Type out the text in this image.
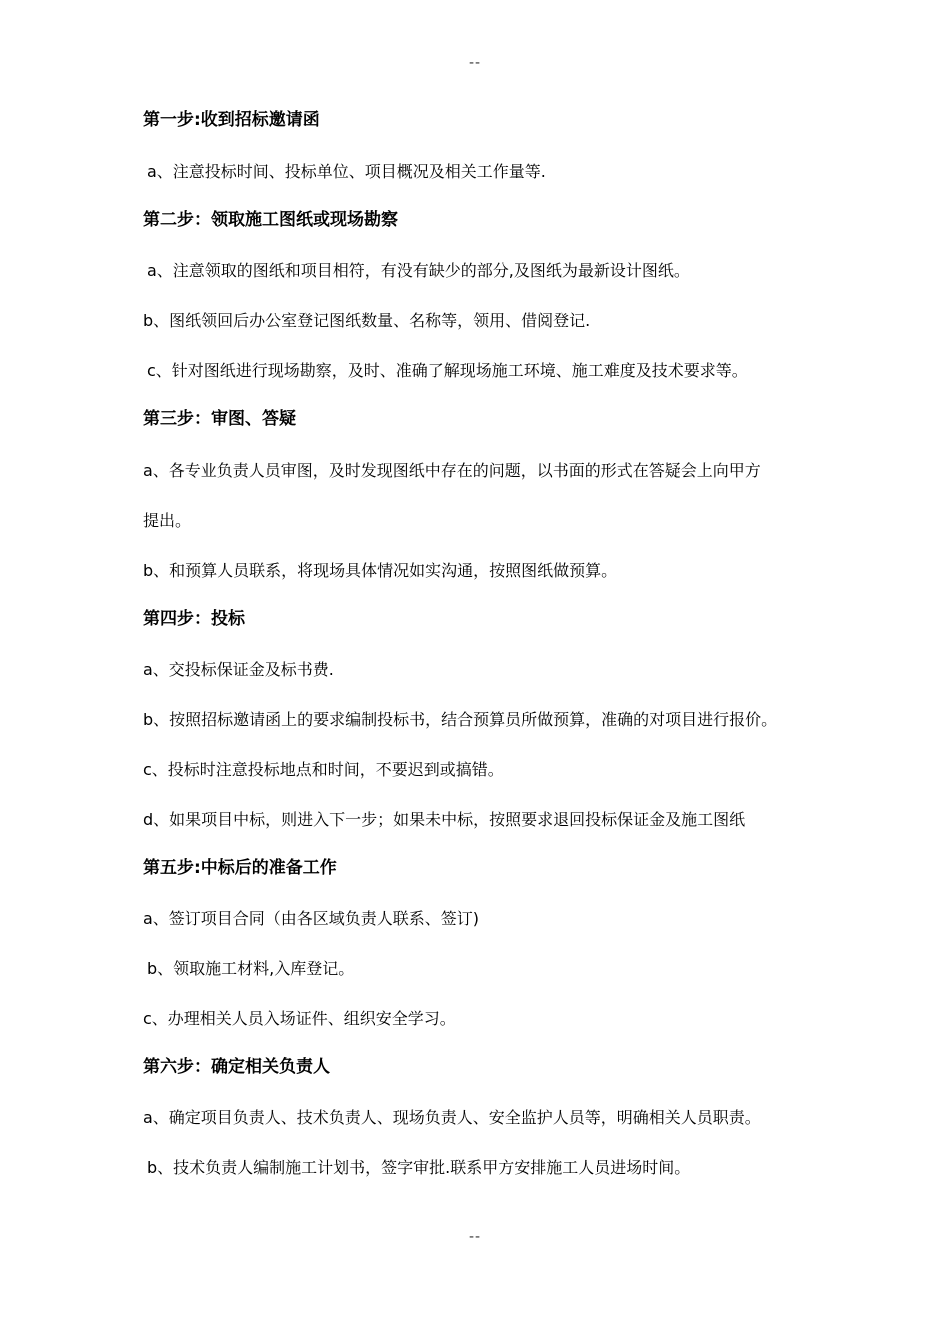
--
第一步:收到招标邀请函
a、注意投标时间、投标单位、项目概况及相关工作量等.
第二步：领取施工图纸或现场勘察
a、注意领取的图纸和项目相符，有没有缺少的部分,及图纸为最新设计图纸。
b、图纸领回后办公室登记图纸数量、名称等，领用、借阅登记.
c、针对图纸进行现场勘察，及时、准确了解现场施工环境、施工难度及技术要求等。
第三步：审图、答疑
a、各专业负责人员审图，及时发现图纸中存在的问题，以书面的形式在答疑会上向甲方
提出。
b、和预算人员联系，将现场具体情况如实沟通，按照图纸做预算。
第四步：投标
a、交投标保证金及标书费.
b、按照招标邀请函上的要求编制投标书，结合预算员所做预算，准确的对项目进行报价。
c、投标时注意投标地点和时间，不要迟到或搞错。
d、如果项目中标，则进入下一步；如果未中标，按照要求退回投标保证金及施工图纸
第五步:中标后的准备工作
a、签订项目合同（由各区域负责人联系、签订)
b、领取施工材料,入库登记。
c、办理相关人员入场证件、组织安全学习。
第六步：确定相关负责人
a、确定项目负责人、技术负责人、现场负责人、安全监护人员等，明确相关人员职责。
b、技术负责人编制施工计划书，签字审批.联系甲方安排施工人员进场时间。
--
